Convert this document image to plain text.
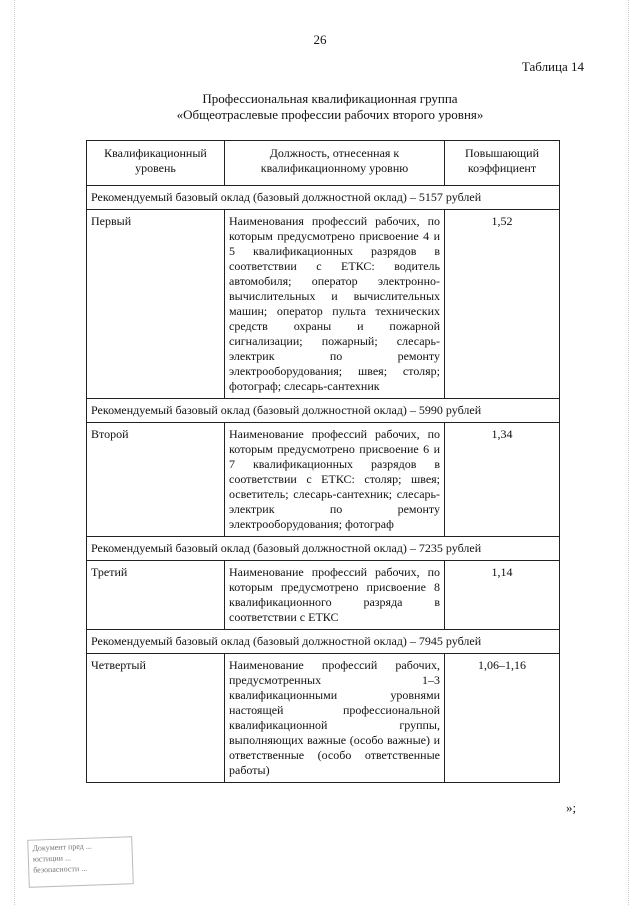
26
Таблица 14
Профессиональная квалификационная группа
«Общеотраслевые профессии рабочих второго уровня»
Квалификационный уровень	Должность, отнесенная к квалификационному уровню	Повышающий коэффициент
Рекомендуемый базовый оклад (базовый должностной оклад) – 5157 рублей		
Первый	Наименования профессий рабочих, по которым предусмотрено присвоение 4 и 5 квалификационных разрядов в соответствии с ЕТКС: водитель автомобиля; оператор электронно-вычислительных и вычислительных машин; оператор пульта технических средств охраны и пожарной сигнализации; пожарный; слесарь-электрик по ремонту электрооборудования; швея; столяр; фотограф; слесарь-сантехник	1,52
Рекомендуемый базовый оклад (базовый должностной оклад) – 5990 рублей		
Второй	Наименование профессий рабочих, по которым предусмотрено присвоение 6 и 7 квалификационных разрядов в соответствии с ЕТКС: столяр; швея; осветитель; слесарь-сантехник; слесарь-электрик по ремонту электрооборудования; фотограф	1,34
Рекомендуемый базовый оклад (базовый должностной оклад) – 7235 рублей		
Третий	Наименование профессий рабочих, по которым предусмотрено присвоение 8 квалификационного разряда в соответствии с ЕТКС	1,14
Рекомендуемый базовый оклад (базовый должностной оклад) – 7945 рублей		
Четвертый	Наименование профессий рабочих, предусмотренных 1–3 квалификационными уровнями настоящей профессиональной квалификационной группы, выполняющих важные (особо важные) и ответственные (особо ответственные работы)	1,06–1,16
»;
Документ пред ...
юстиции ...
безопасности ...
